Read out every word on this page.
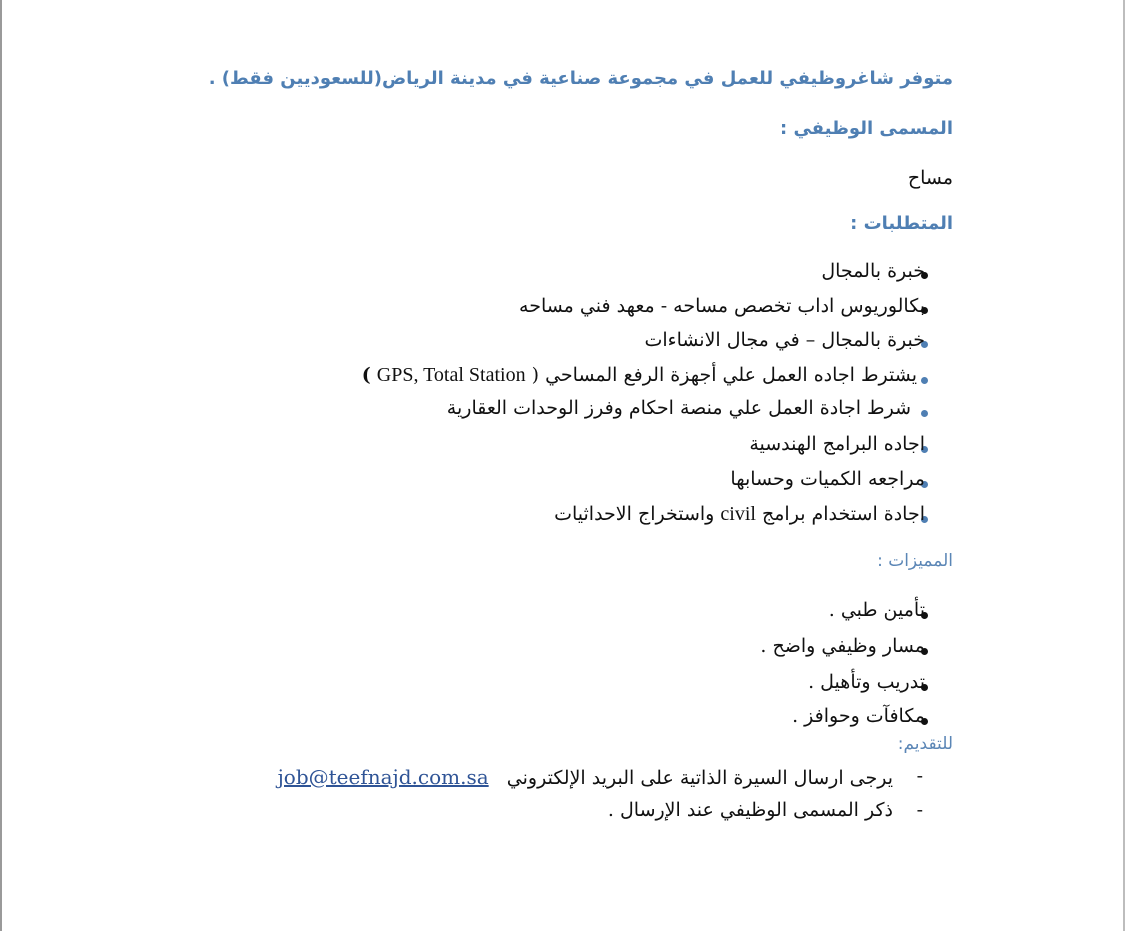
متوفر شاغروظيفي للعمل في مجموعة صناعية في مدينة الرياض(للسعوديين فقط) .
المسمى الوظيفي :
مساح
المتطلبات :
خبرة بالمجال
بكالوريوس اداب تخصص مساحه - معهد فني مساحه
خبرة بالمجال – في مجال الانشاءات
يشترط اجاده العمل علي أجهزة الرفع المساحي ( GPS, Total Station )
شرط اجادة العمل علي منصة احكام وفرز الوحدات العقارية
اجاده البرامج الهندسية
مراجعه الكميات وحسابها
اجادة استخدام برامج civil واستخراج الاحداثيات
المميزات :
تأمين طبي .
مسار وظيفي واضح .
تدريب وتأهيل .
مكافآت وحوافز .
للتقديم:
-
يرجى ارسال السيرة الذاتية على البريد الإلكتروني   job@teefnajd.com.sa
-
ذكر المسمى الوظيفي عند الإرسال .
